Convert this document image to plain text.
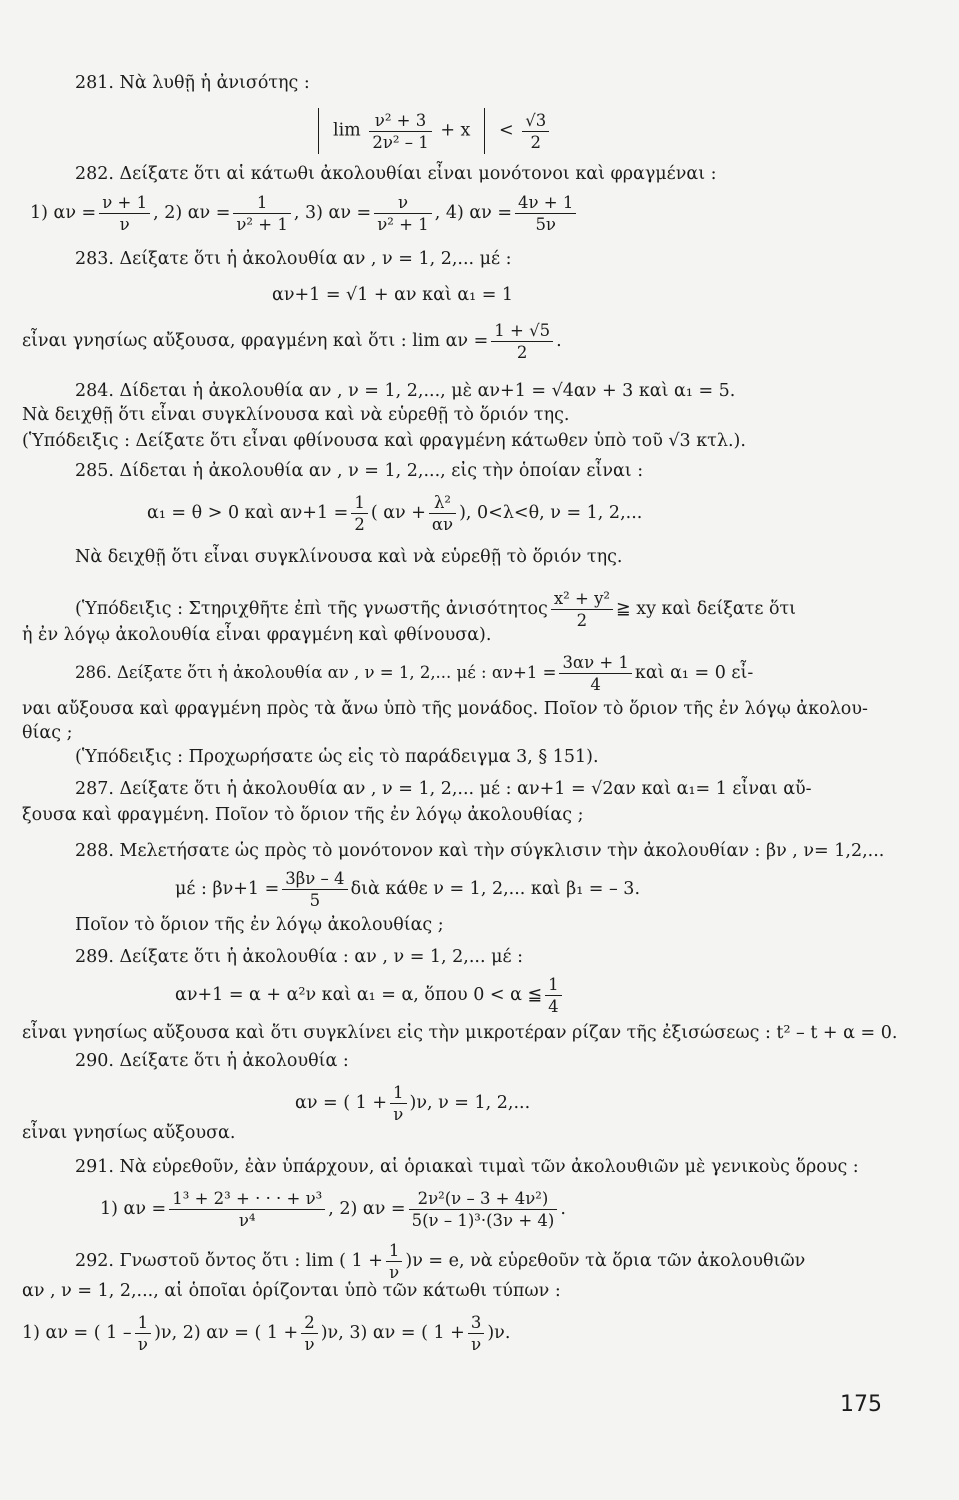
281. Νὰ λυθῇ ἡ ἀνισότης :
$\lim \frac{\text{ν² + 3}}{\text{2ν² – 1}} + x < \frac{√3}{2}$
282. Δείξατε ὅτι αἱ κάτωθι ἀκολουθίαι εἶναι μονότονοι καὶ φραγμέναι :
1) $\alpha\nu = \frac{\nu + 1}{\nu}$ , 2) $\alpha\nu = \frac{1}{\text{ν² + 1}}$ , 3) $\alpha\nu = \frac{\nu}{\text{ν² + 1}}$ , 4) $\alpha\nu = \frac{4\nu + 1}{5\nu}$
283. Δείξατε ὅτι ἡ ἀκολουθία αν , ν = 1, 2,... μέ :
αν+1 = √1 + αν καὶ α₁ = 1
εἶναι γνησίως αὔξουσα, φραγμένη καὶ ὅτι : $\lim \alpha\nu = \frac{1 + √5}{2}$ .
284. Δίδεται ἡ ἀκολουθία αν , ν = 1, 2,..., μὲ αν+1 = √4αν + 3 καὶ α₁ = 5.
Νὰ δειχθῇ ὅτι εἶναι συγκλίνουσα καὶ νὰ εὑρεθῇ τὸ ὅριόν της.
(Ὑπόδειξις : Δείξατε ὅτι εἶναι φθίνουσα καὶ φραγμένη κάτωθεν ὑπὸ τοῦ √3 κτλ.).
285. Δίδεται ἡ ἀκολουθία αν , ν = 1, 2,..., εἰς τὴν ὁποίαν εἶναι :
α₁ = θ > 0 καὶ $\alpha\nu+1 = \frac{1}{2}$ ( $\alpha\nu + \frac{\text{λ²}}{\alpha\nu}$ ), 0<λ<θ, ν = 1, 2,...
Νὰ δειχθῇ ὅτι εἶναι συγκλίνουσα καὶ νὰ εὑρεθῇ τὸ ὅριόν της.
(Ὑπόδειξις : Στηριχθῆτε ἐπὶ τῆς γνωστῆς ἀνισότητος $\frac{\text{x² + y²}}{2}$ ≧ xy καὶ δείξατε ὅτι
ἡ ἐν λόγῳ ἀκολουθία εἶναι φραγμένη καὶ φθίνουσα).
286. Δείξατε ὅτι ἡ ἀκολουθία αν , ν = 1, 2,... μέ : $\alpha\nu+1 = \frac{3\alpha\nu + 1}{4}$ καὶ α₁ = 0 εἶ-
ναι αὔξουσα καὶ φραγμένη πρὸς τὰ ἄνω ὑπὸ τῆς μονάδος. Ποῖον τὸ ὅριον τῆς ἐν λόγῳ ἀκολου-
θίας ;
(Ὑπόδειξις : Προχωρήσατε ὡς εἰς τὸ παράδειγμα 3, § 151).
287. Δείξατε ὅτι ἡ ἀκολουθία αν , ν = 1, 2,... μέ : αν+1 = √2αν καὶ α₁= 1 εἶναι αὔ-
ξουσα καὶ φραγμένη. Ποῖον τὸ ὅριον τῆς ἐν λόγῳ ἀκολουθίας ;
288. Μελετήσατε ὡς πρὸς τὸ μονότονον καὶ τὴν σύγκλισιν τὴν ἀκολουθίαν : βν , ν= 1,2,...
μέ : $\beta\nu+1 = \frac{3\beta\nu - 4}{5}$ διὰ κάθε ν = 1, 2,... καὶ β₁ = – 3.
Ποῖον τὸ ὅριον τῆς ἐν λόγῳ ἀκολουθίας ;
289. Δείξατε ὅτι ἡ ἀκολουθία : αν , ν = 1, 2,... μέ :
αν+1 = α + α²ν καὶ α₁ = α, ὅπου 0 < α ≦ $\frac{1}{4}$
εἶναι γνησίως αὔξουσα καὶ ὅτι συγκλίνει εἰς τὴν μικροτέραν ρίζαν τῆς ἐξισώσεως : t² – t + α = 0.
290. Δείξατε ὅτι ἡ ἀκολουθία :
αν = ( $1 + \frac{1}{\nu} )\nu$, ν = 1, 2,...
εἶναι γνησίως αὔξουσα.
291. Νὰ εὑρεθοῦν, ἐὰν ὑπάρχουν, αἱ ὁριακαὶ τιμαὶ τῶν ἀκολουθιῶν μὲ γενικοὺς ὅρους :
1) $\alpha\nu = \frac{\text{1³ + 2³ + · · · + ν³}}{\text{ν⁴}}$ , 2) $\alpha\nu = \frac{\text{2ν²(ν – 3 + 4ν²)}}{\text{5(ν – 1)³·(3ν + 4)}}$ .
292. Γνωστοῦ ὄντος ὅτι : lim ( $1 + \frac{1}{\nu} )\nu = e$, νὰ εὑρεθοῦν τὰ ὅρια τῶν ἀκολουθιῶν
αν , ν = 1, 2,..., αἱ ὁποῖαι ὁρίζονται ὑπὸ τῶν κάτωθι τύπων :
1) αν = ( $1 - \frac{1}{\nu} )\nu$, 2) αν = ( $1 + \frac{2}{\nu} )\nu$, 3) αν = ( $1 + \frac{3}{\nu} )\nu$.
175
